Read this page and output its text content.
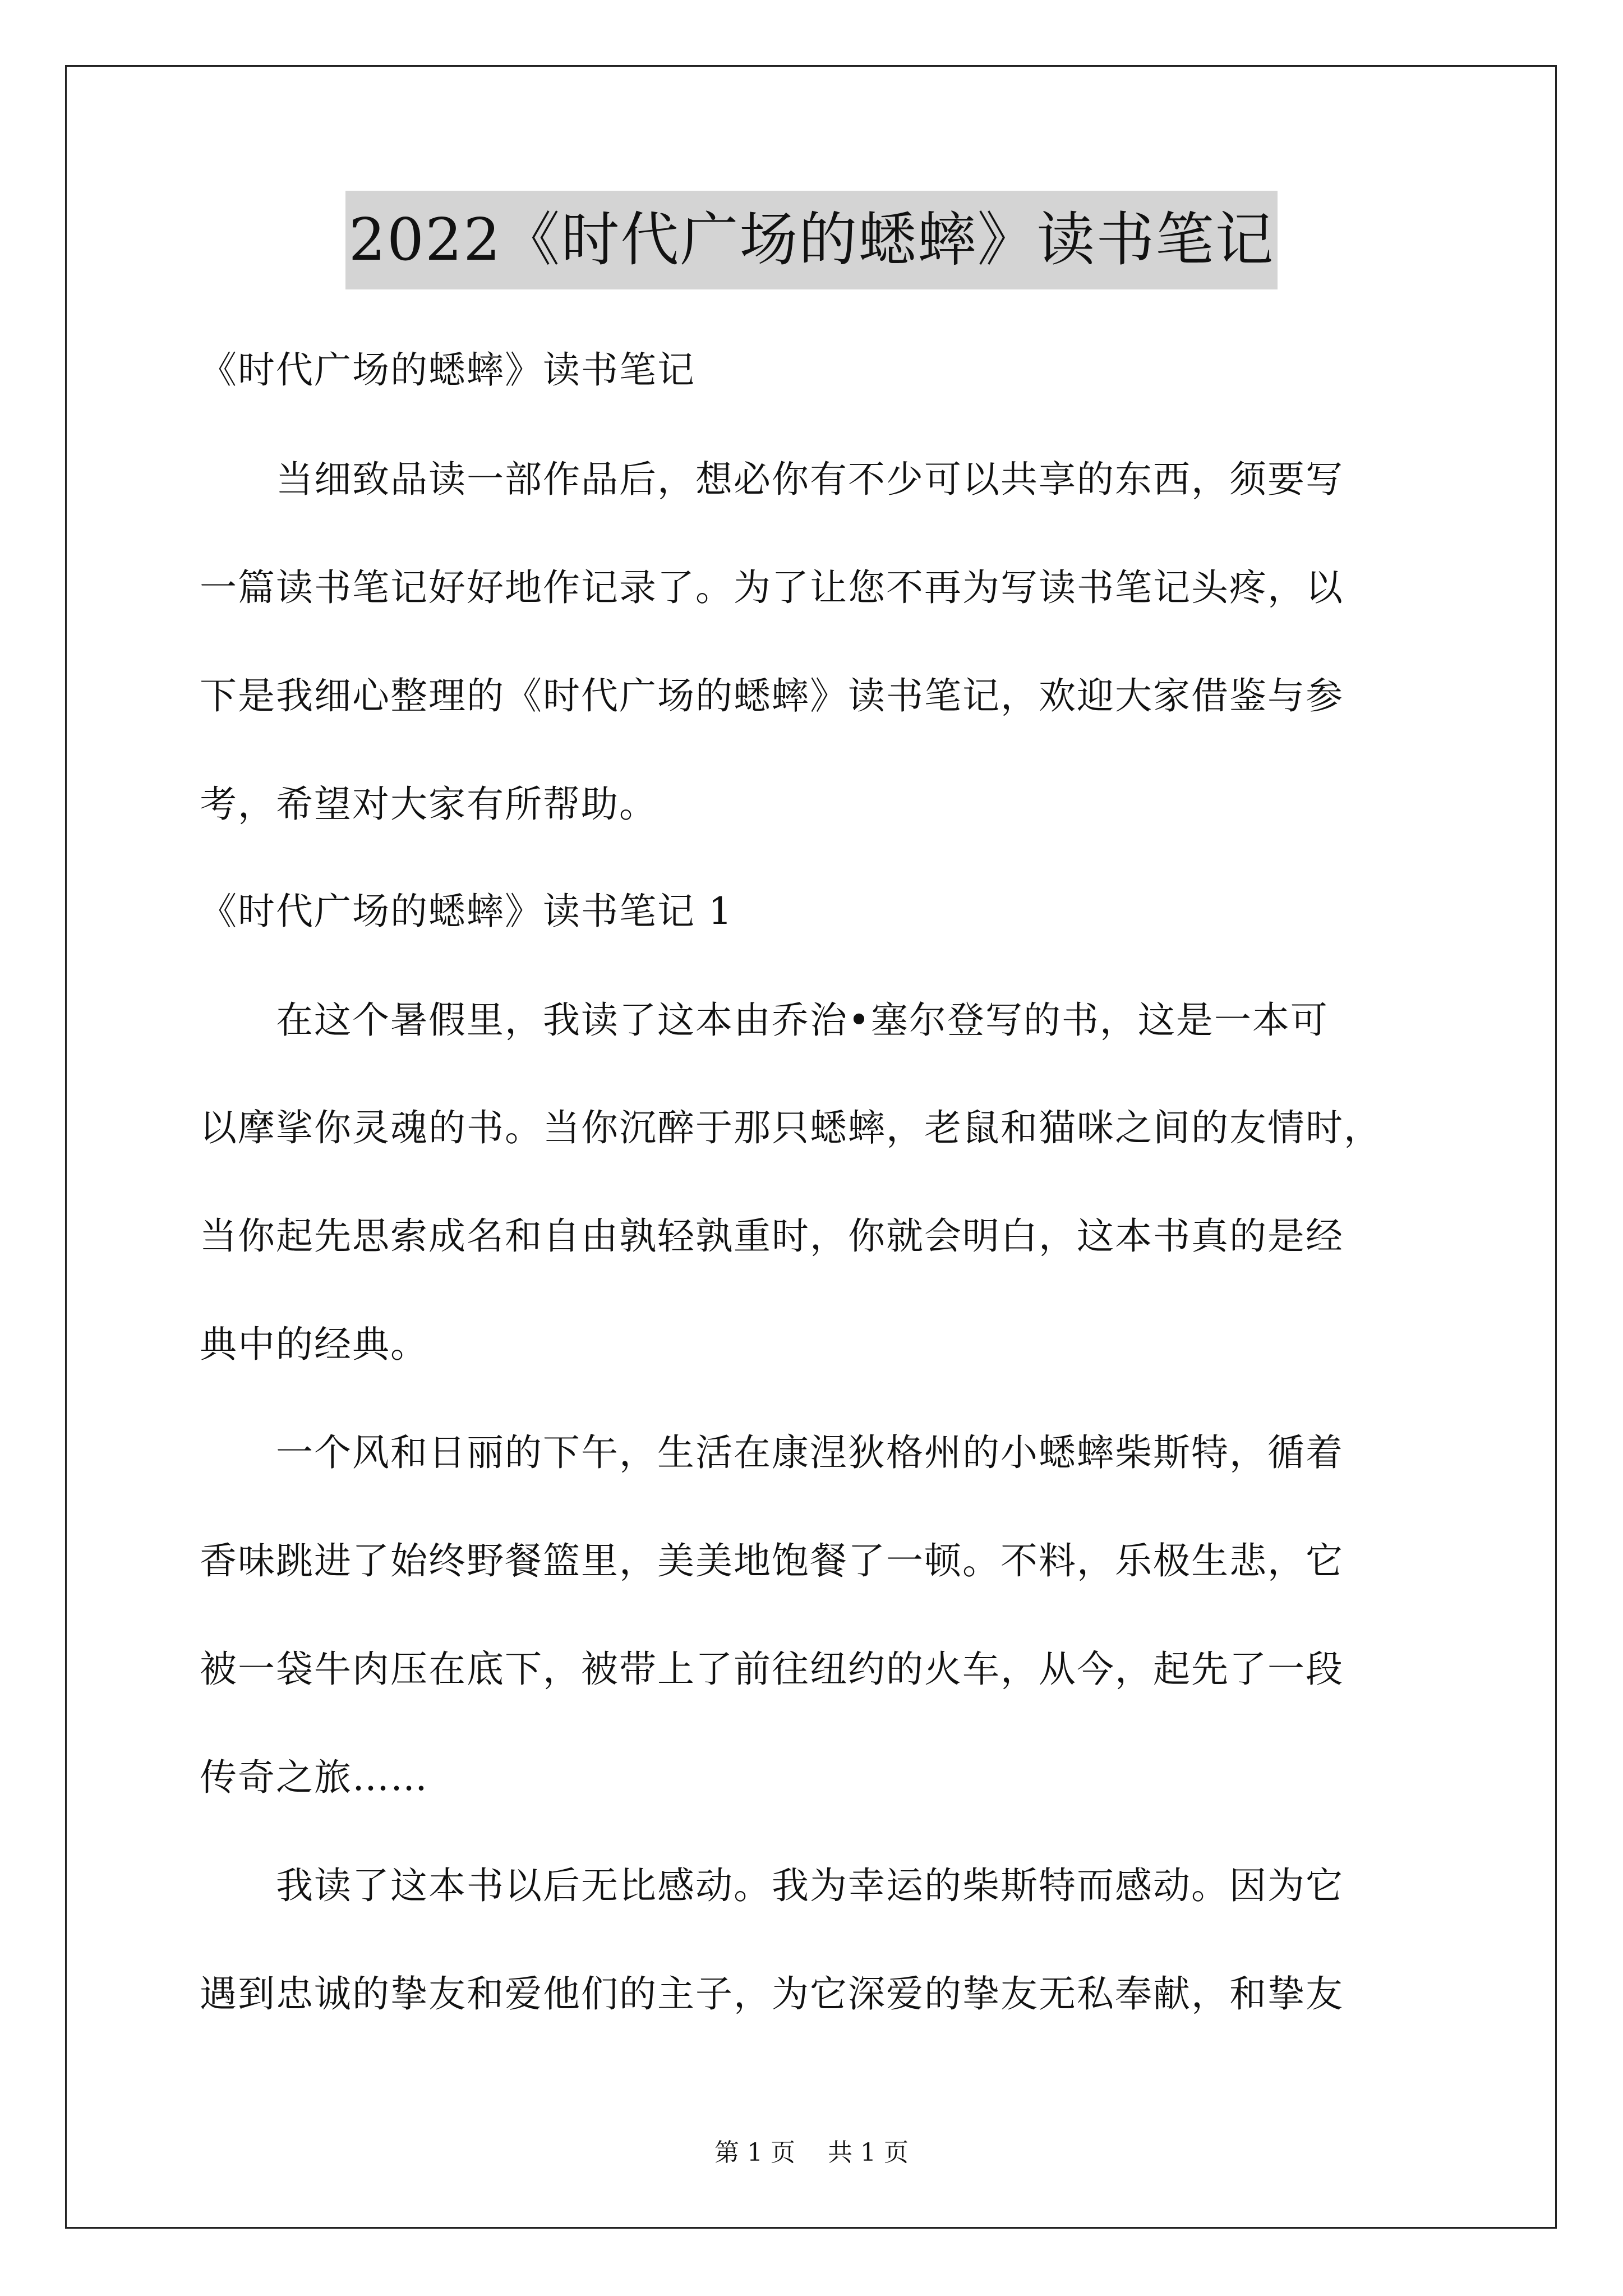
2022《时代广场的蟋蟀》读书笔记
《时代广场的蟋蟀》读书笔记
　　当细致品读一部作品后，想必你有不少可以共享的东西，须要写
一篇读书笔记好好地作记录了。为了让您不再为写读书笔记头疼，以
下是我细心整理的《时代广场的蟋蟀》读书笔记，欢迎大家借鉴与参
考，希望对大家有所帮助。
《时代广场的蟋蟀》读书笔记 1
　　在这个暑假里，我读了这本由乔治•塞尔登写的书，这是一本可
以摩挲你灵魂的书。当你沉醉于那只蟋蟀，老鼠和猫咪之间的友情时，
当你起先思索成名和自由孰轻孰重时，你就会明白，这本书真的是经
典中的经典。
　　一个风和日丽的下午，生活在康涅狄格州的小蟋蟀柴斯特，循着
香味跳进了始终野餐篮里，美美地饱餐了一顿。不料，乐极生悲，它
被一袋牛肉压在底下，被带上了前往纽约的火车，从今，起先了一段
传奇之旅……
　　我读了这本书以后无比感动。我为幸运的柴斯特而感动。因为它
遇到忠诚的挚友和爱他们的主子，为它深爱的挚友无私奉献，和挚友
第 1 页　 共 1 页
